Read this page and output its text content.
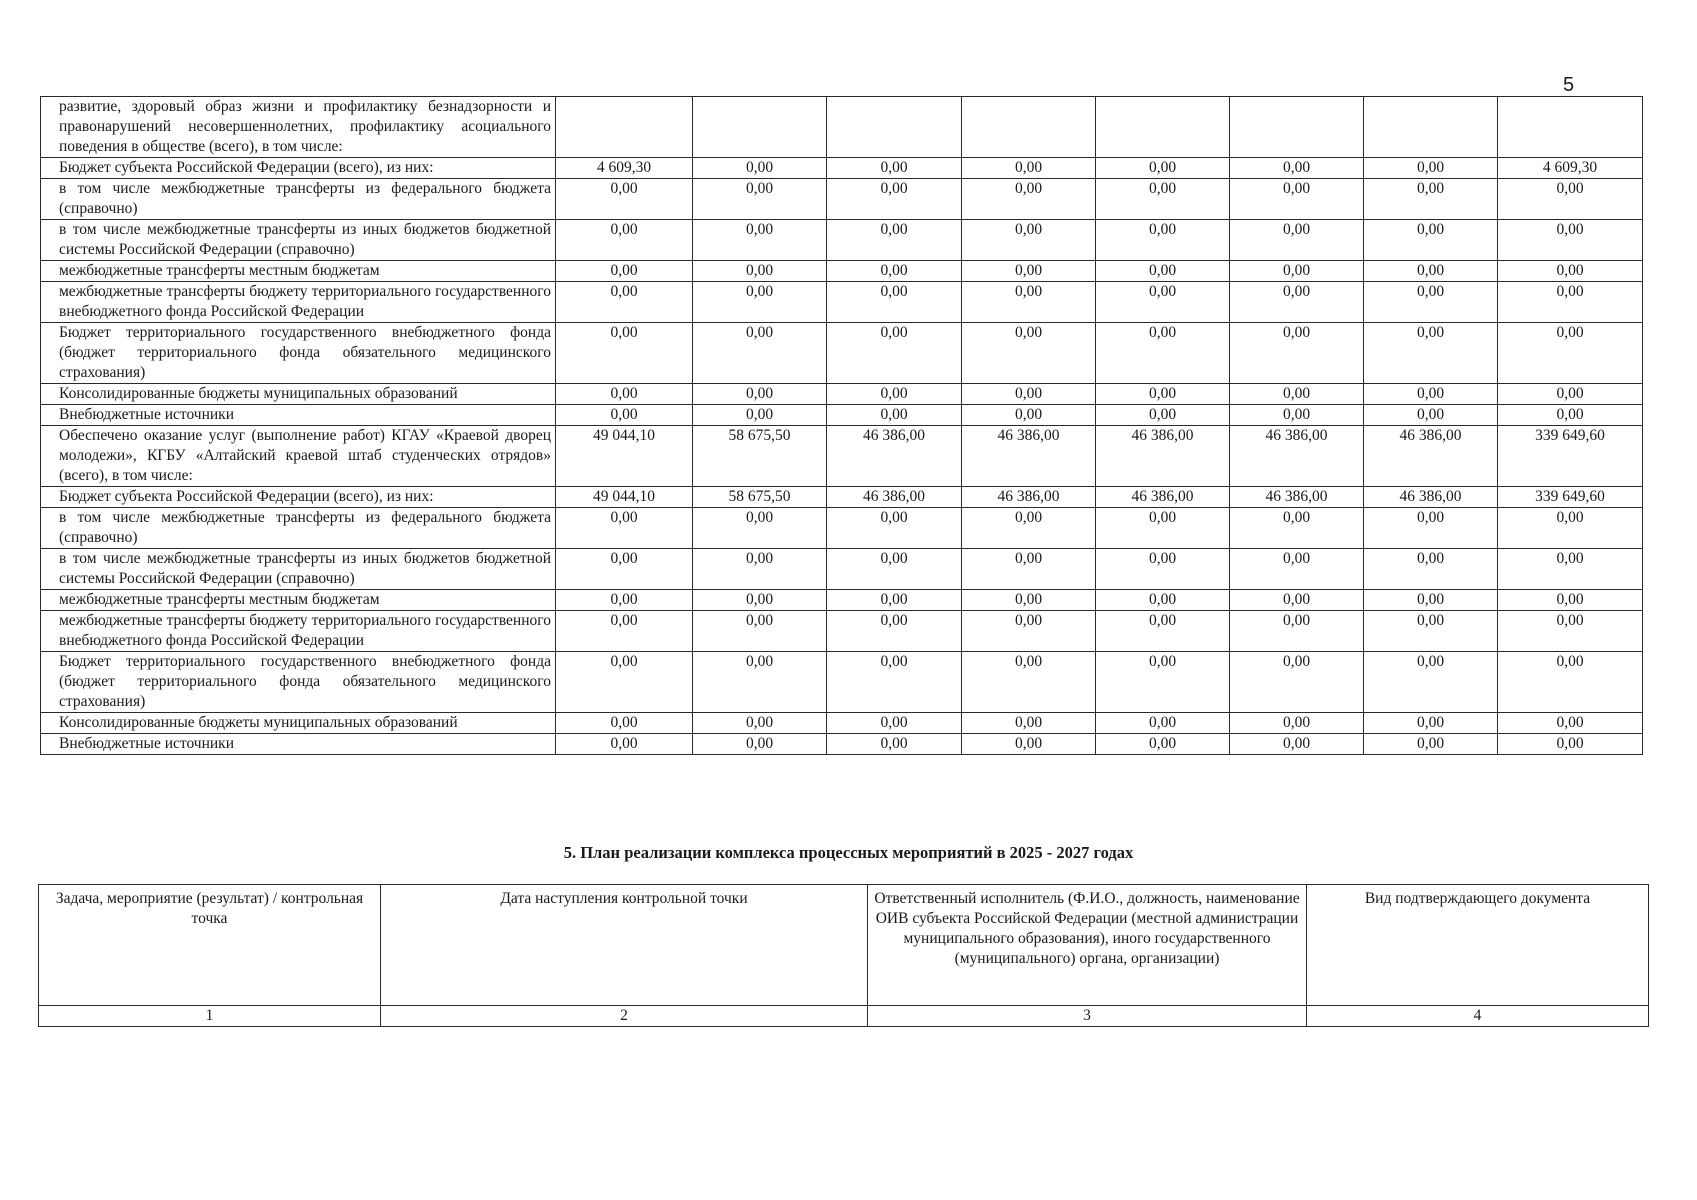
5
развитие, здоровый образ жизни и профилактику безнадзорности и правонарушений несовершеннолетних, профилактику асоциального поведения в обществе (всего), в том числе:								
Бюджет субъекта Российской Федерации (всего), из них:	4 609,30	0,00	0,00	0,00	0,00	0,00	0,00	4 609,30
в том числе межбюджетные трансферты из федерального бюджета (справочно)	0,00	0,00	0,00	0,00	0,00	0,00	0,00	0,00
в том числе межбюджетные трансферты из иных бюджетов бюджетной системы Российской Федерации (справочно)	0,00	0,00	0,00	0,00	0,00	0,00	0,00	0,00
межбюджетные трансферты местным бюджетам	0,00	0,00	0,00	0,00	0,00	0,00	0,00	0,00
межбюджетные трансферты бюджету территориального государственного внебюджетного фонда Российской Федерации	0,00	0,00	0,00	0,00	0,00	0,00	0,00	0,00
Бюджет территориального государственного внебюджетного фонда (бюджет территориального фонда обязательного медицинского страхования)	0,00	0,00	0,00	0,00	0,00	0,00	0,00	0,00
Консолидированные бюджеты муниципальных образований	0,00	0,00	0,00	0,00	0,00	0,00	0,00	0,00
Внебюджетные источники	0,00	0,00	0,00	0,00	0,00	0,00	0,00	0,00
Обеспечено оказание услуг (выполнение работ) КГАУ «Краевой дворец молодежи», КГБУ «Алтайский краевой штаб студенческих отрядов» (всего), в том числе:	49 044,10	58 675,50	46 386,00	46 386,00	46 386,00	46 386,00	46 386,00	339 649,60
Бюджет субъекта Российской Федерации (всего), из них:	49 044,10	58 675,50	46 386,00	46 386,00	46 386,00	46 386,00	46 386,00	339 649,60
в том числе межбюджетные трансферты из федерального бюджета (справочно)	0,00	0,00	0,00	0,00	0,00	0,00	0,00	0,00
в том числе межбюджетные трансферты из иных бюджетов бюджетной системы Российской Федерации (справочно)	0,00	0,00	0,00	0,00	0,00	0,00	0,00	0,00
межбюджетные трансферты местным бюджетам	0,00	0,00	0,00	0,00	0,00	0,00	0,00	0,00
межбюджетные трансферты бюджету территориального государственного внебюджетного фонда Российской Федерации	0,00	0,00	0,00	0,00	0,00	0,00	0,00	0,00
Бюджет территориального государственного внебюджетного фонда (бюджет территориального фонда обязательного медицинского страхования)	0,00	0,00	0,00	0,00	0,00	0,00	0,00	0,00
Консолидированные бюджеты муниципальных образований	0,00	0,00	0,00	0,00	0,00	0,00	0,00	0,00
Внебюджетные источники	0,00	0,00	0,00	0,00	0,00	0,00	0,00	0,00
5. План реализации комплекса процессных мероприятий в 2025 - 2027 годах
Задача, мероприятие (результат) / контрольная точка	Дата наступления контрольной точки	Ответственный исполнитель (Ф.И.О., должность, наименование ОИВ субъекта Российской Федерации (местной администрации муниципального образования), иного государственного (муниципального) органа, организации)	Вид подтверждающего документа
1	2	3	4
